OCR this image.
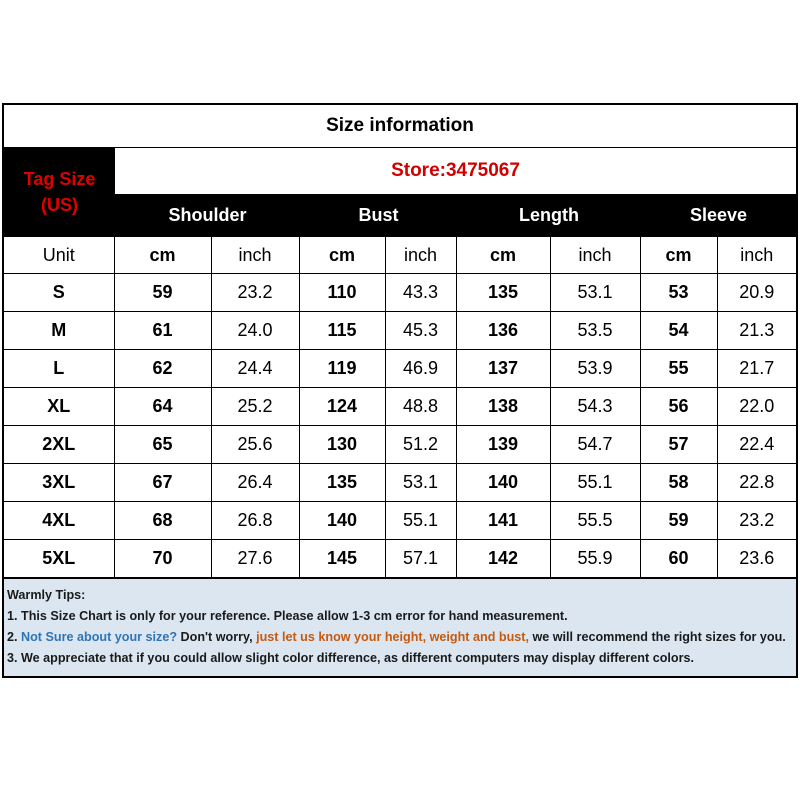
Size information
Tag Size
(US)
Store:3475067
Shoulder	Bust	Length	Sleeve
Unit	cm	inch	cm	inch	cm	inch	cm	inch
S	59	23.2	110	43.3	135	53.1	53	20.9
M	61	24.0	115	45.3	136	53.5	54	21.3
L	62	24.4	119	46.9	137	53.9	55	21.7
XL	64	25.2	124	48.8	138	54.3	56	22.0
2XL	65	25.6	130	51.2	139	54.7	57	22.4
3XL	67	26.4	135	53.1	140	55.1	58	22.8
4XL	68	26.8	140	55.1	141	55.5	59	23.2
5XL	70	27.6	145	57.1	142	55.9	60	23.6
Warmly Tips:
1. This Size Chart is only for your reference. Please allow 1-3 cm error for hand measurement.
2. Not Sure about your size? Don't worry, just let us know your height, weight and bust, we will recommend the right sizes for you.
3. We appreciate that if you could allow slight color difference, as different computers may display different colors.
